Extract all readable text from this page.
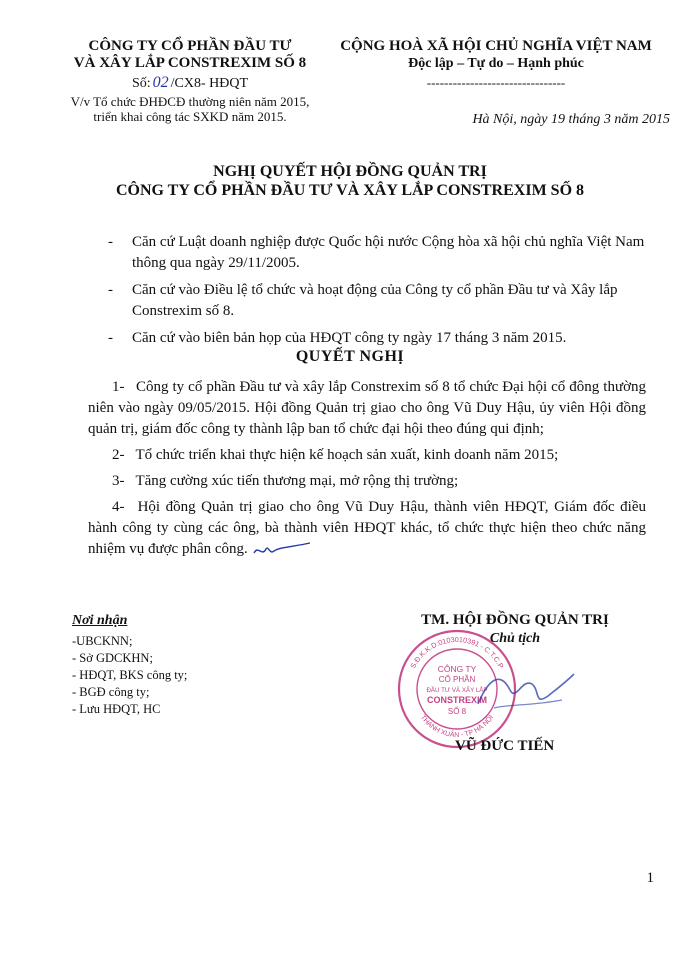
CÔNG TY CỔ PHẦN ĐẦU TƯ
VÀ XÂY LẮP CONSTREXIM SỐ 8
Số: 02 /CX8- HĐQT
V/v Tổ chức ĐHĐCĐ thường niên năm 2015,
triển khai công tác SXKD năm 2015.
CỘNG HOÀ XÃ HỘI CHỦ NGHĨA VIỆT NAM
Độc lập – Tự do – Hạnh phúc
--------------------------------
Hà Nội, ngày 19 tháng 3 năm 2015
NGHỊ QUYẾT HỘI ĐỒNG QUẢN TRỊ
CÔNG TY CỔ PHẦN ĐẦU TƯ VÀ XÂY LẮP CONSTREXIM SỐ 8
- Căn cứ Luật doanh nghiệp được Quốc hội nước Cộng hòa xã hội chủ nghĩa Việt Nam thông qua ngày 29/11/2005.
- Căn cứ vào Điều lệ tổ chức và hoạt động của Công ty cổ phần Đầu tư và Xây lắp Constrexim số 8.
- Căn cứ vào biên bản họp của HĐQT công ty ngày 17 tháng 3 năm 2015.
QUYẾT NGHỊ
1- Công ty cổ phần Đầu tư và xây lắp Constrexim số 8 tổ chức Đại hội cổ đông thường niên vào ngày 09/05/2015. Hội đồng Quản trị giao cho ông Vũ Duy Hậu, ủy viên Hội đồng quản trị, giám đốc công ty thành lập ban tổ chức đại hội theo đúng qui định;
2- Tổ chức triển khai thực hiện kế hoạch sản xuất, kinh doanh năm 2015;
3- Tăng cường xúc tiến thương mại, mở rộng thị trường;
4- Hội đồng Quản trị giao cho ông Vũ Duy Hậu, thành viên HĐQT, Giám đốc điều hành công ty cùng các ông, bà thành viên HĐQT khác, tổ chức thực hiện theo chức năng nhiệm vụ được phân công.
Nơi nhận
-UBCKNN;
- Sở GDCKHN;
- HĐQT, BKS công ty;
- BGĐ công ty;
- Lưu HĐQT, HC
TM. HỘI ĐỒNG QUẢN TRỊ
Chủ tịch
S.Đ.K.K.D:0103010391 - C.T.C.P
THANH XUÂN - TP HÀ NỘI
CÔNG TY
CỔ PHẦN
ĐẦU TƯ VÀ XÂY LẮP
CONSTREXIM
SỐ 8
VŨ ĐỨC TIẾN
1
